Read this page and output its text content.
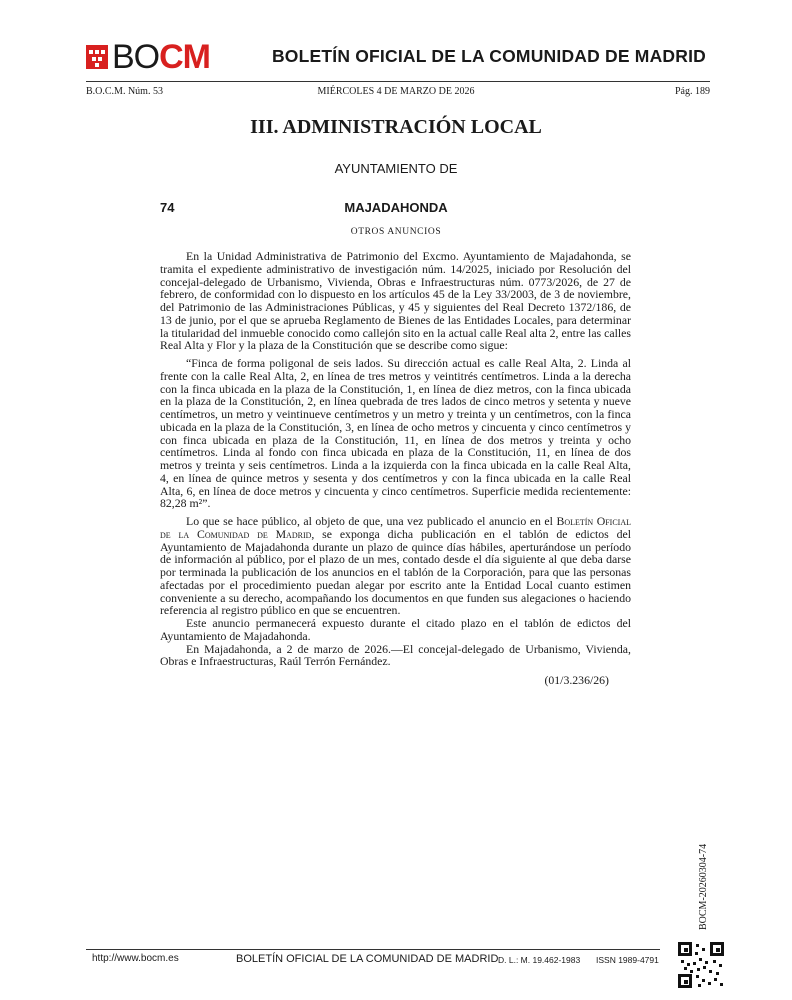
BOCM	BOLETÍN OFICIAL DE LA COMUNIDAD DE MADRID
B.O.C.M. Núm. 53	MIÉRCOLES 4 DE MARZO DE 2026	Pág. 189
III. ADMINISTRACIÓN LOCAL
AYUNTAMIENTO DE
74	MAJADAHONDA
OTROS ANUNCIOS

En la Unidad Administrativa de Patrimonio del Excmo. Ayuntamiento de Majadahonda, se tramita el expediente administrativo de investigación núm. 14/2025, iniciado por Resolución del concejal-delegado de Urbanismo, Vivienda, Obras e Infraestructuras núm. 0773/2026, de 27 de febrero, de conformidad con lo dispuesto en los artículos 45 de la Ley 33/2003, de 3 de noviembre, del Patrimonio de las Administraciones Públicas, y 45 y siguientes del Real Decreto 1372/186, de 13 de junio, por el que se aprueba Reglamento de Bienes de las Entidades Locales, para determinar la titularidad del inmueble conocido como callejón sito en la actual calle Real alta 2, entre las calles Real Alta y Flor y la plaza de la Constitución que se describe como sigue:

“Finca de forma poligonal de seis lados. Su dirección actual es calle Real Alta, 2. Linda al frente con la calle Real Alta, 2, en línea de tres metros y veintitrés centímetros. Linda a la derecha con la finca ubicada en la plaza de la Constitución, 1, en línea de diez metros, con la finca ubicada en la plaza de la Constitución, 2, en línea quebrada de tres lados de cinco metros y setenta y nueve centímetros, un metro y veintinueve centímetros y un metro y treinta y un centímetros, con la finca ubicada en la plaza de la Constitución, 3, en línea de ocho metros y cincuenta y cinco centímetros y con finca ubicada en plaza de la Constitución, 11, en línea de dos metros y treinta y ocho centímetros. Linda al fondo con finca ubicada en plaza de la Constitución, 11, en línea de dos metros y treinta y seis centímetros. Linda a la izquierda con la finca ubicada en la calle Real Alta, 4, en línea de quince metros y sesenta y dos centímetros y con la finca ubicada en la calle Real Alta, 6, en línea de doce metros y cincuenta y cinco centímetros. Superficie medida recientemente: 82,28 m²”.

Lo que se hace público, al objeto de que, una vez publicado el anuncio en el Boletín Oficial de la Comunidad de Madrid, se exponga dicha publicación en el tablón de edictos del Ayuntamiento de Majadahonda durante un plazo de quince días hábiles, aperturándose un período de información al público, por el plazo de un mes, contado desde el día siguiente al que deba darse por terminada la publicación de los anuncios en el tablón de la Corporación, para que las personas afectadas por el procedimiento puedan alegar por escrito ante la Entidad Local cuanto estimen conveniente a su derecho, acompañando los documentos en que funden sus alegaciones o haciendo referencia al registro público en que se encuentren.

Este anuncio permanecerá expuesto durante el citado plazo en el tablón de edictos del Ayuntamiento de Majadahonda.

En Majadahonda, a 2 de marzo de 2026.—El concejal-delegado de Urbanismo, Vivienda, Obras e Infraestructuras, Raúl Terrón Fernández.

(01/3.236/26)
BOCM-20260304-74
http://www.bocm.es	BOLETÍN OFICIAL DE LA COMUNIDAD DE MADRID D. L.: M. 19.462-1983 ISSN 1989-4791
